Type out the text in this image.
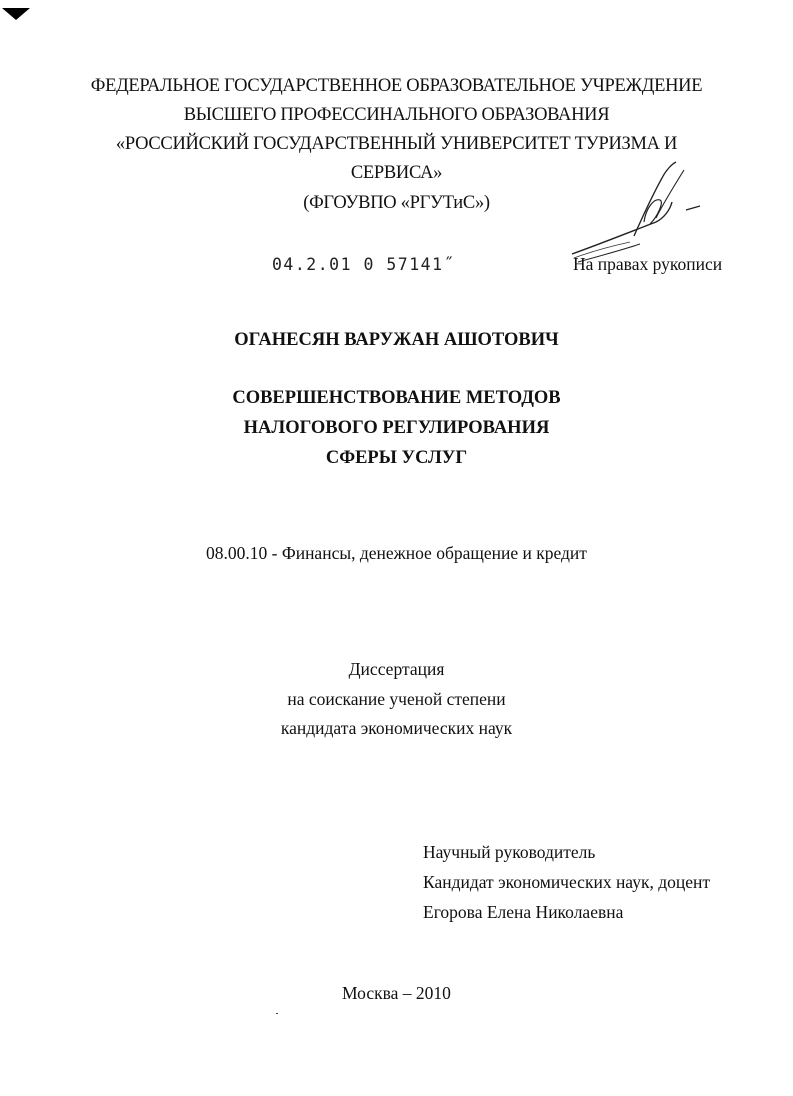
ФЕДЕРАЛЬНОЕ ГОСУДАРСТВЕННОЕ ОБРАЗОВАТЕЛЬНОЕ УЧРЕЖДЕНИЕ
ВЫСШЕГО ПРОФЕССИНАЛЬНОГО ОБРАЗОВАНИЯ
«РОССИЙСКИЙ ГОСУДАРСТВЕННЫЙ УНИВЕРСИТЕТ ТУРИЗМА И
СЕРВИСА»
(ФГОУВПО «РГУТиС»)
04.2.01 0 57141˝	На правах рукописи
ОГАНЕСЯН ВАРУЖАН АШОТОВИЧ
СОВЕРШЕНСТВОВАНИЕ МЕТОДОВ
НАЛОГОВОГО РЕГУЛИРОВАНИЯ
СФЕРЫ УСЛУГ
08.00.10 - Финансы, денежное обращение и кредит
Диссертация
на соискание ученой степени
кандидата экономических наук
Научный руководитель
Кандидат экономических наук, доцент
Егорова Елена Николаевна
Москва – 2010
